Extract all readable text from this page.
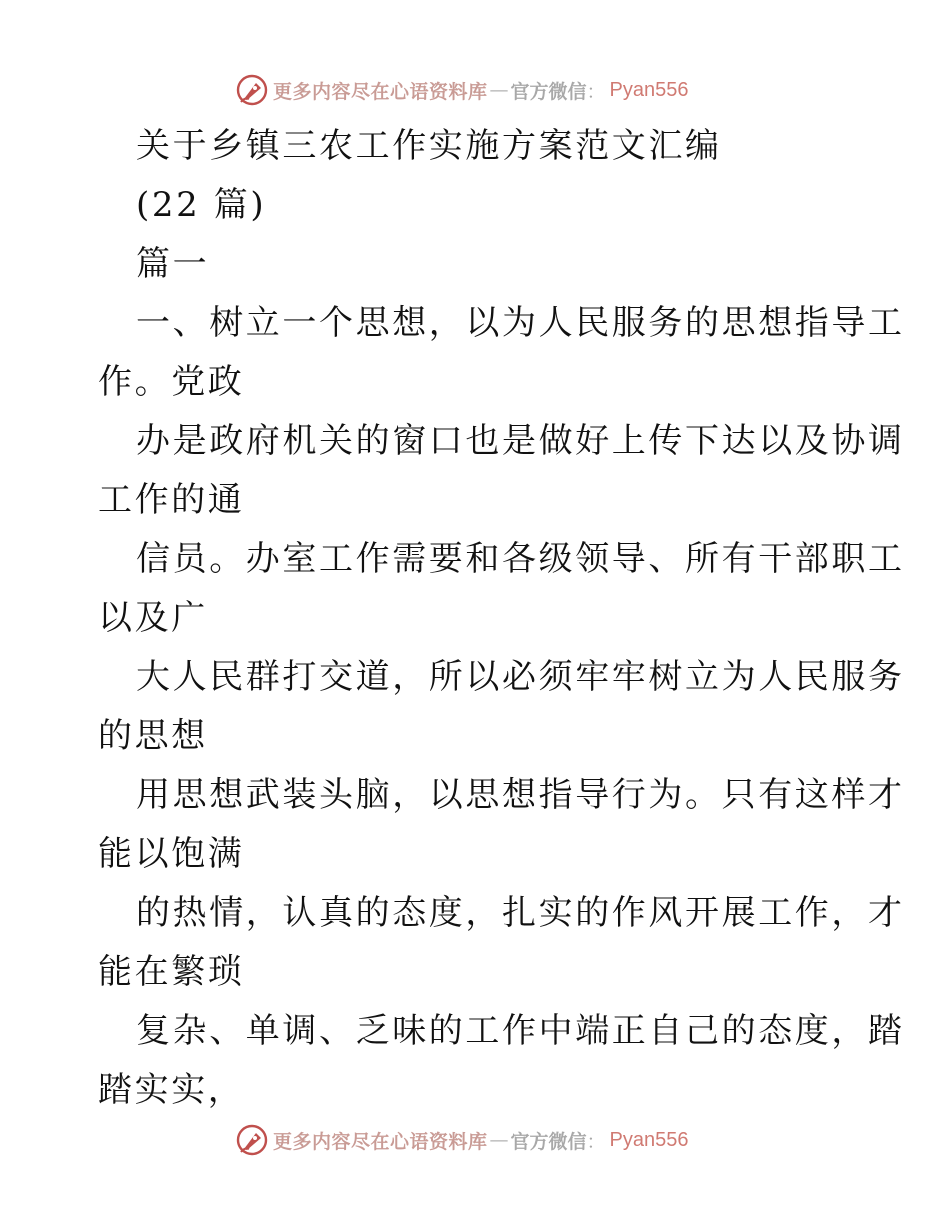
更多内容尽在心语资料库 — 官方微信 ： Pyan556
关于乡镇三农工作实施方案范文汇编
(22 篇)
篇一
一、树立一个思想，以为人民服务的思想指导工
作。党政
办是政府机关的窗口也是做好上传下达以及协调
工作的通
信员。办室工作需要和各级领导、所有干部职工
以及广
大人民群打交道，所以必须牢牢树立为人民服务
的思想
用思想武装头脑，以思想指导行为。只有这样才
能以饱满
的热情，认真的态度，扎实的作风开展工作，才
能在繁琐
复杂、单调、乏味的工作中端正自己的态度，踏
踏实实，
更多内容尽在心语资料库 — 官方微信 ： Pyan556
